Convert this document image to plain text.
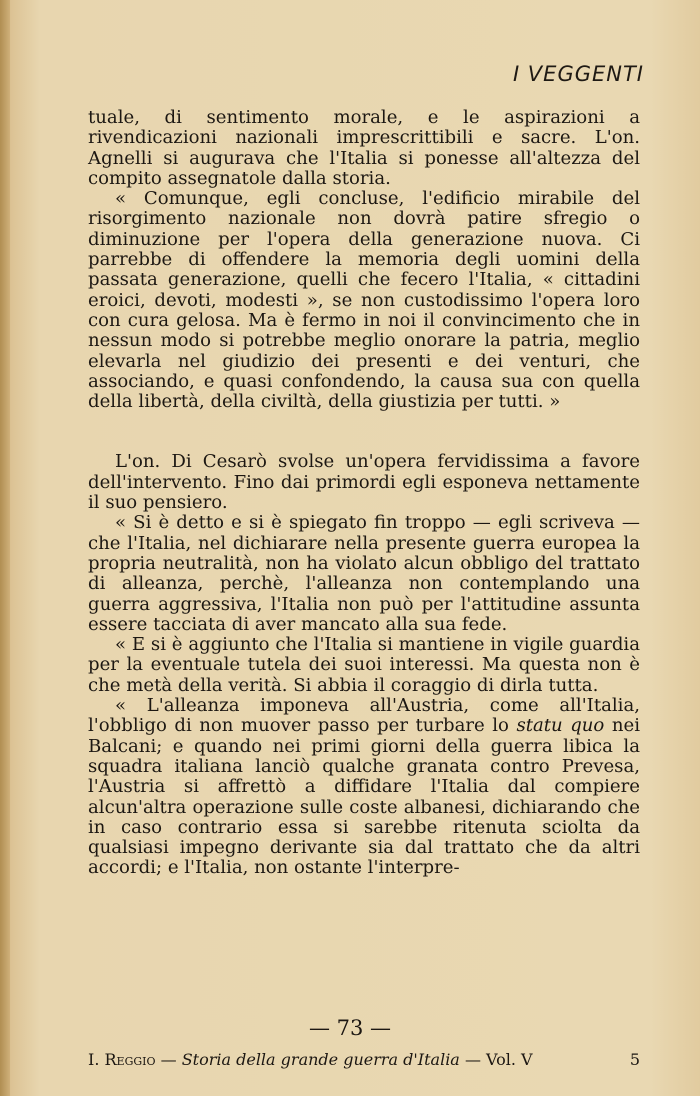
I VEGGENTI

tuale, di sentimento morale, e le aspirazioni a rivendicazioni nazionali imprescrittibili e sacre. L'on. Agnelli si augurava che l'Italia si ponesse all'altezza del compito assegnatole dalla storia.

« Comunque, egli concluse, l'edificio mirabile del risorgimento nazionale non dovrà patire sfregio o diminuzione per l'opera della generazione nuova. Ci parrebbe di offendere la memoria degli uomini della passata generazione, quelli che fecero l'Italia, « cittadini eroici, devoti, modesti », se non custodissimo l'opera loro con cura gelosa. Ma è fermo in noi il convincimento che in nessun modo si potrebbe meglio onorare la patria, meglio elevarla nel giudizio dei presenti e dei venturi, che associando, e quasi confondendo, la causa sua con quella della libertà, della civiltà, della giustizia per tutti. »

L'on. Di Cesarò svolse un'opera fervidissima a favore dell'intervento. Fino dai primordi egli esponeva nettamente il suo pensiero.

« Si è detto e si è spiegato fin troppo — egli scriveva — che l'Italia, nel dichiarare nella presente guerra europea la propria neutralità, non ha violato alcun obbligo del trattato di alleanza, perchè, l'alleanza non contemplando una guerra aggressiva, l'Italia non può per l'attitudine assunta essere tacciata di aver mancato alla sua fede.

« E si è aggiunto che l'Italia si mantiene in vigile guardia per la eventuale tutela dei suoi interessi. Ma questa non è che metà della verità. Si abbia il coraggio di dirla tutta.

« L'alleanza imponeva all'Austria, come all'Italia, l'obbligo di non muover passo per turbare lo statu quo nei Balcani; e quando nei primi giorni della guerra libica la squadra italiana lanciò qualche granata contro Prevesa, l'Austria si affrettò a diffidare l'Italia dal compiere alcun'altra operazione sulle coste albanesi, dichiarando che in caso contrario essa si sarebbe ritenuta sciolta da qualsiasi impegno derivante sia dal trattato che da altri accordi; e l'Italia, non ostante l'interpre-

— 73 —
I. Reggio — Storia della grande guerra d'Italia — Vol. V	5
